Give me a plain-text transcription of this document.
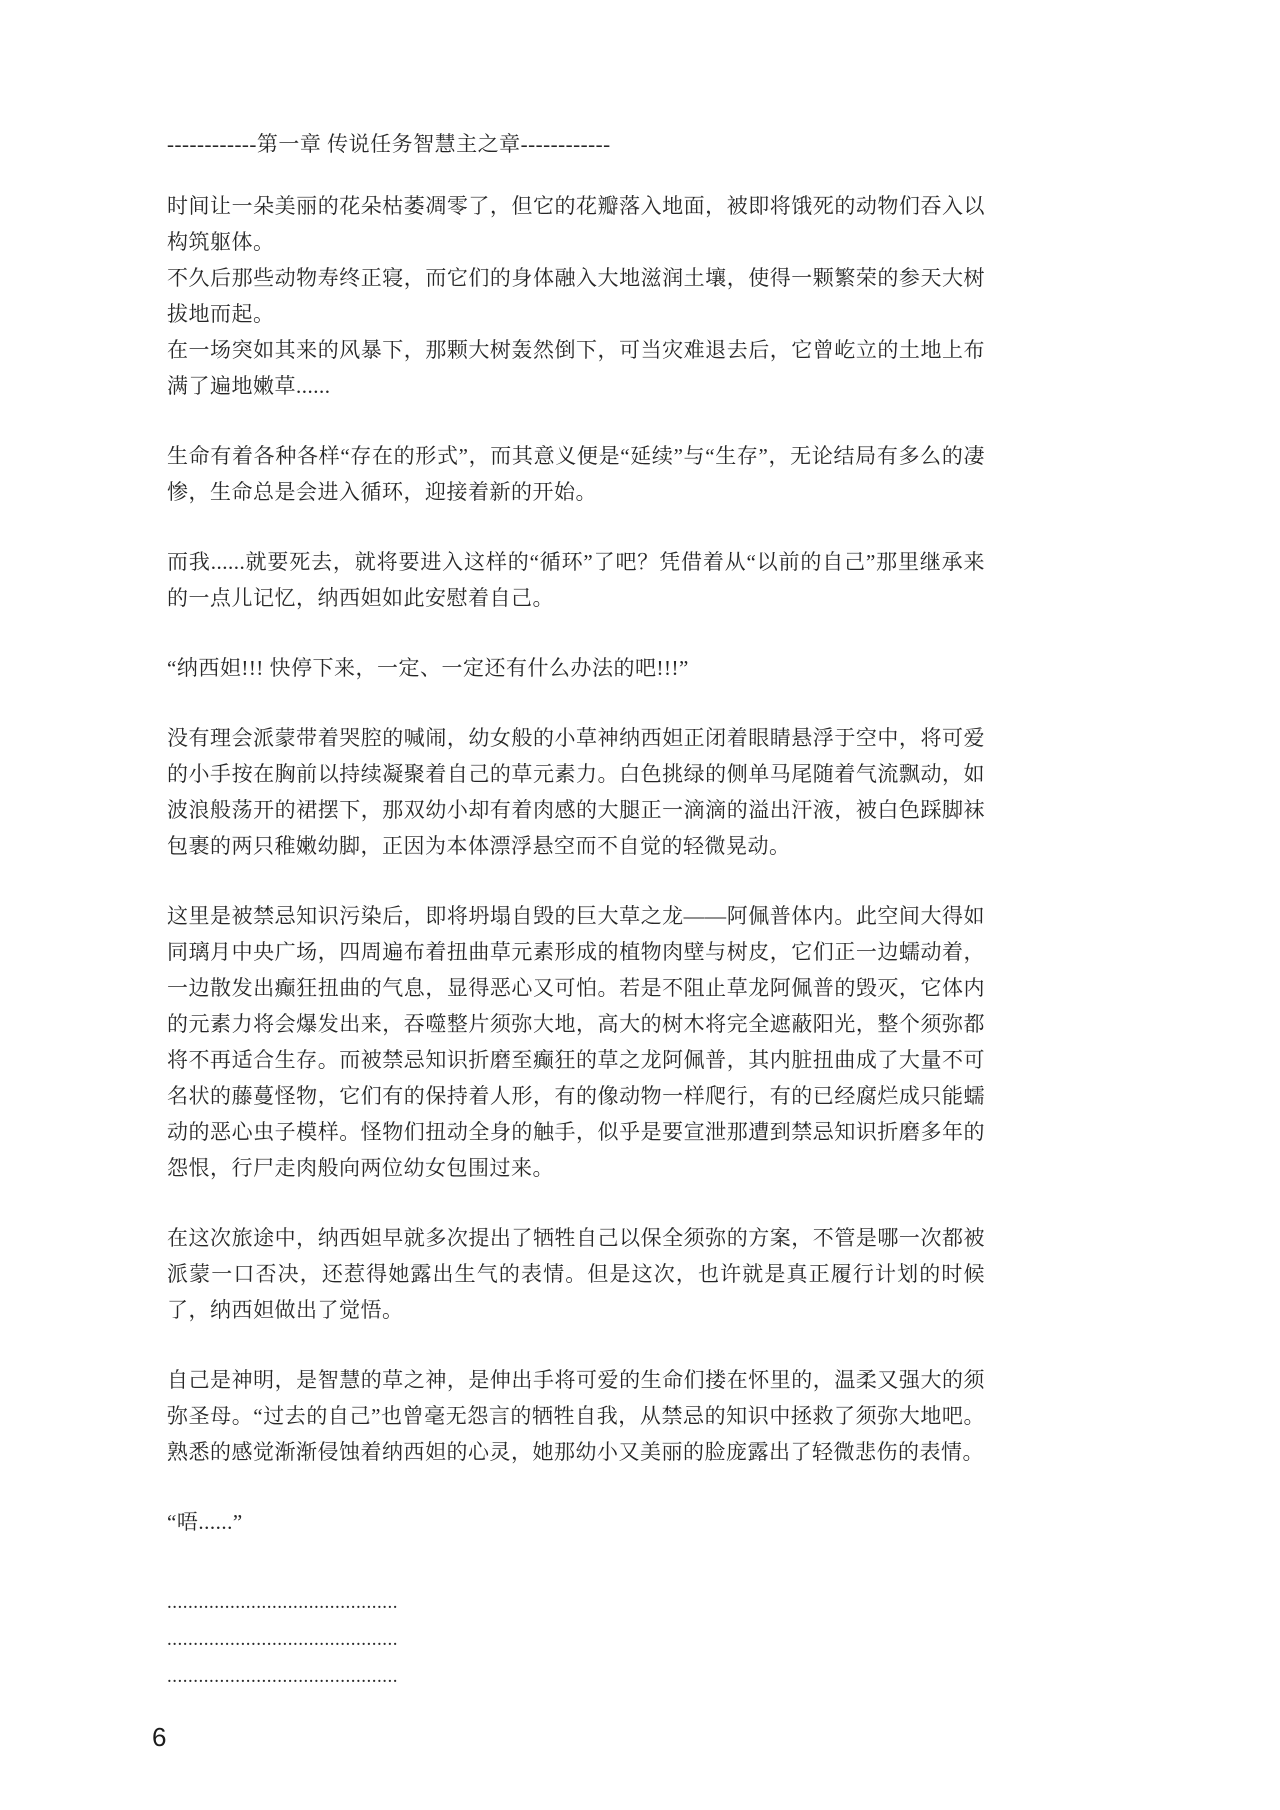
------------第一章 传说任务智慧主之章------------

时间让一朵美丽的花朵枯萎凋零了，但它的花瓣落入地面，被即将饿死的动物们吞入以构筑躯体。

不久后那些动物寿终正寝，而它们的身体融入大地滋润土壤，使得一颗繁荣的参天大树拔地而起。

在一场突如其来的风暴下，那颗大树轰然倒下，可当灾难退去后，它曾屹立的土地上布满了遍地嫩草......

生命有着各种各样“存在的形式”，而其意义便是“延续”与“生存”，无论结局有多么的凄惨，生命总是会进入循环，迎接着新的开始。

而我......就要死去，就将要进入这样的“循环”了吧？凭借着从“以前的自己”那里继承来的一点儿记忆，纳西妲如此安慰着自己。

“纳西妲!!! 快停下来，一定、一定还有什么办法的吧!!!”

没有理会派蒙带着哭腔的喊闹，幼女般的小草神纳西妲正闭着眼睛悬浮于空中，将可爱的小手按在胸前以持续凝聚着自己的草元素力。白色挑绿的侧单马尾随着气流飘动，如波浪般荡开的裙摆下，那双幼小却有着肉感的大腿正一滴滴的溢出汗液，被白色踩脚袜包裹的两只稚嫩幼脚，正因为本体漂浮悬空而不自觉的轻微晃动。

这里是被禁忌知识污染后，即将坍塌自毁的巨大草之龙——阿佩普体内。此空间大得如同璃月中央广场，四周遍布着扭曲草元素形成的植物肉壁与树皮，它们正一边蠕动着，一边散发出癫狂扭曲的气息，显得恶心又可怕。若是不阻止草龙阿佩普的毁灭，它体内的元素力将会爆发出来，吞噬整片须弥大地，高大的树木将完全遮蔽阳光，整个须弥都将不再适合生存。而被禁忌知识折磨至癫狂的草之龙阿佩普，其内脏扭曲成了大量不可名状的藤蔓怪物，它们有的保持着人形，有的像动物一样爬行，有的已经腐烂成只能蠕动的恶心虫子模样。怪物们扭动全身的触手，似乎是要宣泄那遭到禁忌知识折磨多年的怨恨，行尸走肉般向两位幼女包围过来。

在这次旅途中，纳西妲早就多次提出了牺牲自己以保全须弥的方案，不管是哪一次都被派蒙一口否决，还惹得她露出生气的表情。但是这次，也许就是真正履行计划的时候了，纳西妲做出了觉悟。

自己是神明，是智慧的草之神，是伸出手将可爱的生命们搂在怀里的，温柔又强大的须弥圣母。“过去的自己”也曾毫无怨言的牺牲自我，从禁忌的知识中拯救了须弥大地吧。熟悉的感觉渐渐侵蚀着纳西妲的心灵，她那幼小又美丽的脸庞露出了轻微悲伤的表情。

“唔......”

............................................

............................................

............................................

6
